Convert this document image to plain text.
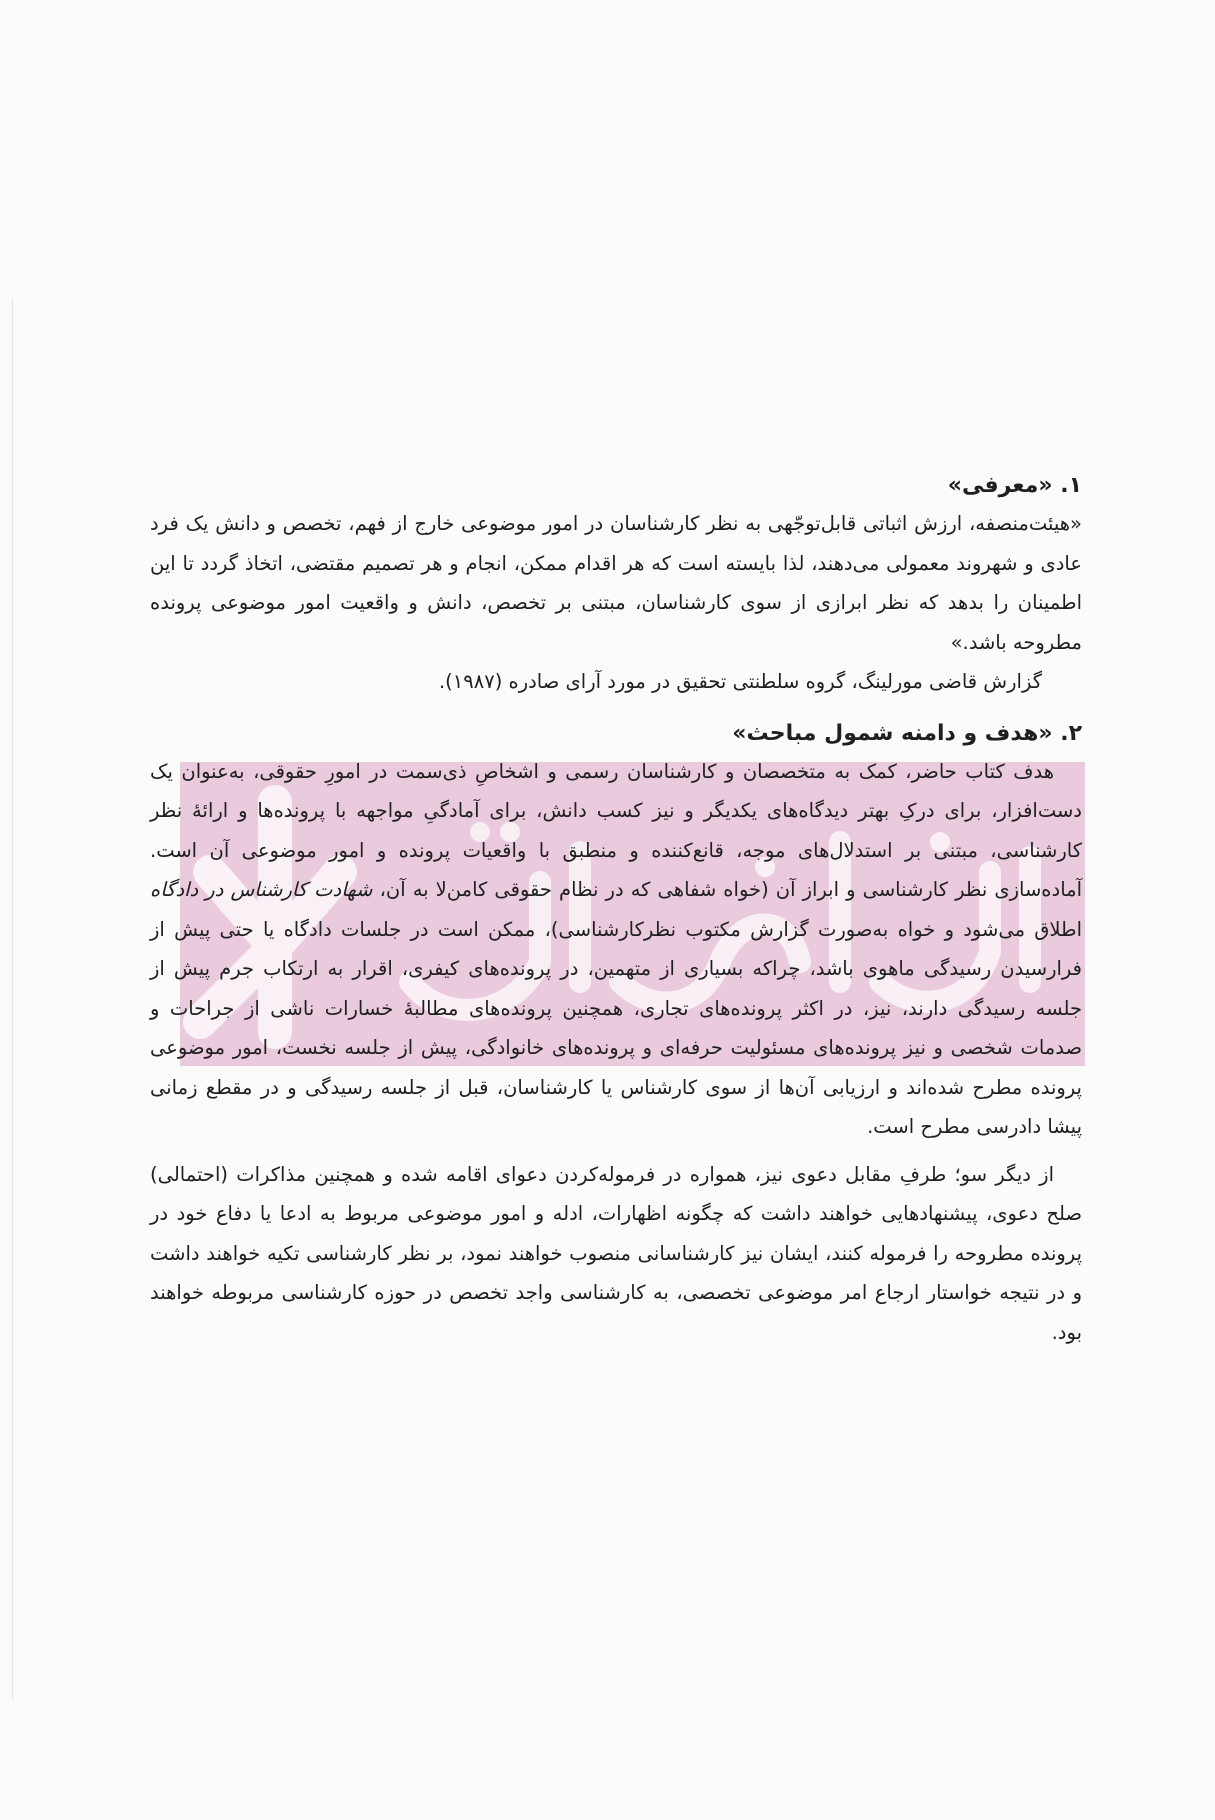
۱. «معرفی»

«هیئت‌منصفه، ارزش اثباتی قابل‌توجّهی به نظر کارشناسان در امور موضوعی خارج از فهم، تخصص و دانش یک فرد عادی و شهروند معمولی می‌دهند، لذا بایسته است که هر اقدام ممکن، انجام و هر تصمیم مقتضی، اتخاذ گردد تا این اطمینان را بدهد که نظر ابرازی از سوی کارشناسان، مبتنی بر تخصص، دانش و واقعیت امور موضوعی پرونده مطروحه باشد.»

گزارش قاضی مورلینگ، گروه سلطنتی تحقیق در مورد آرای صادره (۱۹۸۷).

۲. «هدف و دامنه شمول مباحث»

هدف کتاب حاضر، کمک به متخصصان و کارشناسان رسمی و اشخاصِ ذی‌سمت در امورِ حقوقی، به‌عنوان یک دست‌افزار، برای درکِ بهتر دیدگاه‌های یکدیگر و نیز کسب دانش، برای آمادگیِ مواجهه با پرونده‌ها و ارائهٔ نظر کارشناسی، مبتنی بر استدلال‌های موجه، قانع‌کننده و منطبق با واقعیات پرونده و امور موضوعی آن است. آماده‌سازی نظر کارشناسی و ابراز آن (خواه شفاهی که در نظام حقوقی کامن‌لا به آن، شهادت کارشناس در دادگاه اطلاق می‌شود و خواه به‌صورت گزارش مکتوب نظرکارشناسی)، ممکن است در جلسات دادگاه یا حتی پیش از فرارسیدن رسیدگی ماهوی باشد، چراکه بسیاری از متهمین، در پرونده‌های کیفری، اقرار به ارتکاب جرم پیش از جلسه رسیدگی دارند، نیز، در اکثر پرونده‌های تجاری، همچنین پرونده‌های مطالبهٔ خسارات ناشی از جراحات و صدمات شخصی و نیز پرونده‌های مسئولیت حرفه‌ای و پرونده‌های خانوادگی، پیش از جلسه نخست، امور موضوعی پرونده مطرح شده‌اند و ارزیابی آن‌ها از سوی کارشناس یا کارشناسان، قبل از جلسه رسیدگی و در مقطع زمانی پیشا دادرسی مطرح است.

از دیگر سو؛ طرفِ مقابل دعوی نیز، همواره در فرموله‌کردن دعوای اقامه شده و همچنین مذاکرات (احتمالی) صلح دعوی، پیشنهادهایی خواهند داشت که چگونه اظهارات، ادله و امور موضوعی مربوط به ادعا یا دفاع خود در پرونده مطروحه را فرموله کنند، ایشان نیز کارشناسانی منصوب خواهند نمود، بر نظر کارشناسی تکیه خواهند داشت و در نتیجه خواستار ارجاع امر موضوعی تخصصی، به کارشناسی واجد تخصص در حوزه کارشناسی مربوطه خواهند بود.
